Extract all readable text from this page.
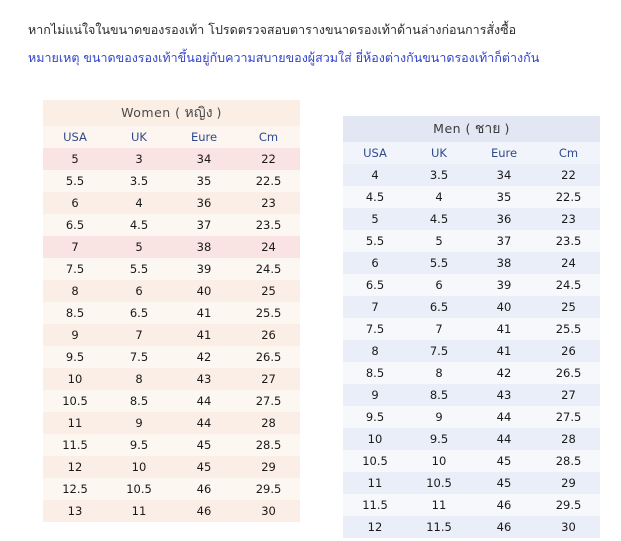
หากไม่แน่ใจในขนาดของรองเท้า โปรดตรวจสอบตารางขนาดรองเท้าด้านล่างก่อนการสั่งซื้อ
หมายเหตุ ขนาดของรองเท้าขึ้นอยู่กับความสบายของผู้สวมใส่ ยี่ห้องต่างกันขนาดรองเท้าก็ต่างกัน
Women ( หญิง )			
USA	UK	Eure	Cm
5	3	34	22
5.5	3.5	35	22.5
6	4	36	23
6.5	4.5	37	23.5
7	5	38	24
7.5	5.5	39	24.5
8	6	40	25
8.5	6.5	41	25.5
9	7	41	26
9.5	7.5	42	26.5
10	8	43	27
10.5	8.5	44	27.5
11	9	44	28
11.5	9.5	45	28.5
12	10	45	29
12.5	10.5	46	29.5
13	11	46	30
Men ( ชาย )			
USA	UK	Eure	Cm
4	3.5	34	22
4.5	4	35	22.5
5	4.5	36	23
5.5	5	37	23.5
6	5.5	38	24
6.5	6	39	24.5
7	6.5	40	25
7.5	7	41	25.5
8	7.5	41	26
8.5	8	42	26.5
9	8.5	43	27
9.5	9	44	27.5
10	9.5	44	28
10.5	10	45	28.5
11	10.5	45	29
11.5	11	46	29.5
12	11.5	46	30
